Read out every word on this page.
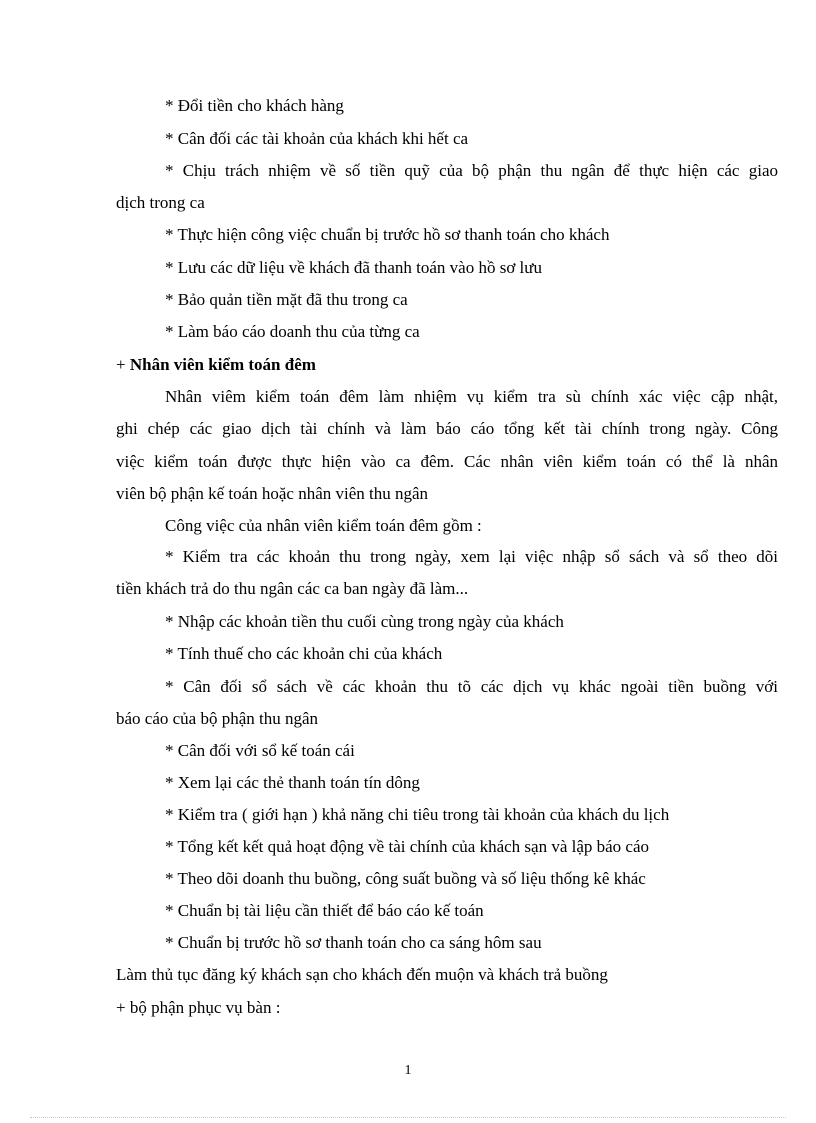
* Đổi tiền cho khách hàng
* Cân đối các tài khoản của khách khi hết ca
* Chịu trách nhiệm về số tiền quỹ của bộ phận thu ngân để thực hiện các giao
dịch trong ca
* Thực hiện công việc chuẩn bị trước hồ sơ thanh toán cho khách
* Lưu các dữ liệu về khách đã thanh toán vào hồ sơ lưu
* Bảo quản tiền mặt đã thu trong ca
* Làm báo cáo doanh thu của từng ca
+ Nhân viên kiểm toán đêm
Nhân viêm kiểm toán đêm làm nhiệm vụ kiểm tra sù chính xác việc cập nhật,
ghi chép các giao dịch tài chính và làm báo cáo tổng kết tài chính trong ngày. Công
việc kiểm toán được thực hiện vào ca đêm. Các nhân viên kiểm toán có thể là nhân
viên bộ phận kế toán hoặc nhân viên thu ngân
Công việc của nhân viên kiểm toán đêm gồm :
* Kiểm tra các khoản thu trong ngày, xem lại việc nhập sổ sách và sổ theo dõi
tiền khách trả do thu ngân các ca ban ngày đã làm...
* Nhập các khoản tiền thu cuối cùng trong ngày của khách
* Tính thuế cho các khoản chi của khách
* Cân đối sổ sách về các khoản thu tõ các dịch vụ khác ngoài tiền buồng với
báo cáo của bộ phận thu ngân
* Cân đối với sổ kế toán cái
* Xem lại các thẻ thanh toán tín dông
* Kiểm tra ( giới hạn ) khả năng chi tiêu trong tài khoản của khách du lịch
* Tổng kết kết quả hoạt động về tài chính của khách sạn và lập báo cáo
* Theo dõi doanh thu buồng, công suất buồng và số liệu thống kê khác
* Chuẩn bị tài liệu cần thiết để báo cáo kế toán
* Chuẩn bị trước hồ sơ thanh toán cho ca sáng hôm sau
Làm thủ tục đăng ký khách sạn cho khách đến muộn và khách trả buồng
+ bộ phận phục vụ bàn :
1
